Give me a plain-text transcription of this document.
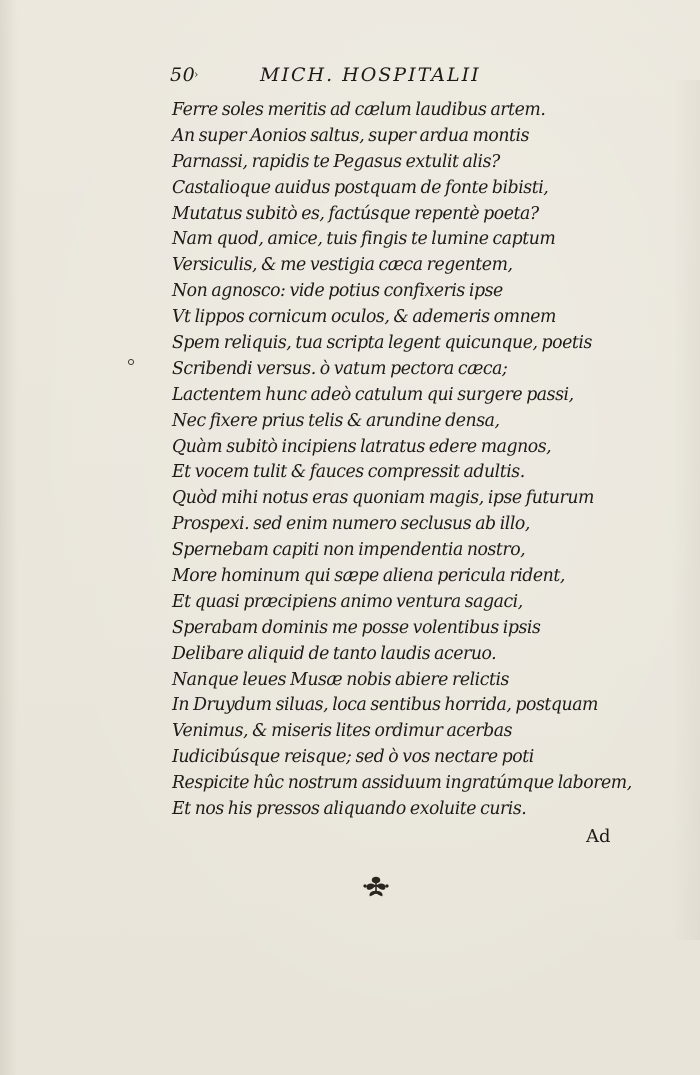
50
›	MICH. HOSPITALII
Ferre soles meritis ad cælum laudibus artem.
An super Aonios saltus, super ardua montis
Parnassi, rapidis te Pegasus extulit alis?
Castalioque auidus postquam de fonte bibisti,
Mutatus subitò es, factúsque repentè poeta?
Nam quod, amice, tuis fingis te lumine captum
Versiculis, & me vestigia cæca regentem,
Non agnosco: vide potius confixeris ipse
Vt lippos cornicum oculos, & ademeris omnem
Spem reliquis, tua scripta legent quicunque, poetis
Scribendi versus. ò vatum pectora cæca;
Lactentem hunc adeò catulum qui surgere passi,
Nec fixere prius telis & arundine densa,
Quàm subitò incipiens latratus edere magnos,
Et vocem tulit & fauces compressit adultis.
Quòd mihi notus eras quoniam magis, ipse futurum
Prospexi. sed enim numero seclusus ab illo,
Spernebam capiti non impendentia nostro,
More hominum qui sæpe aliena pericula rident,
Et quasi præcipiens animo ventura sagaci,
Sperabam dominis me posse volentibus ipsis
Delibare aliquid de tanto laudis aceruo.
Nanque leues Musæ nobis abiere relictis
In Druydum siluas, loca sentibus horrida, postquam
Venimus, & miseris lites ordimur acerbas
Iudicibúsque reisque; sed ò vos nectare poti
Respicite hûc nostrum assiduum ingratúmque laborem,
Et nos his pressos aliquando exoluite curis.
Ad
